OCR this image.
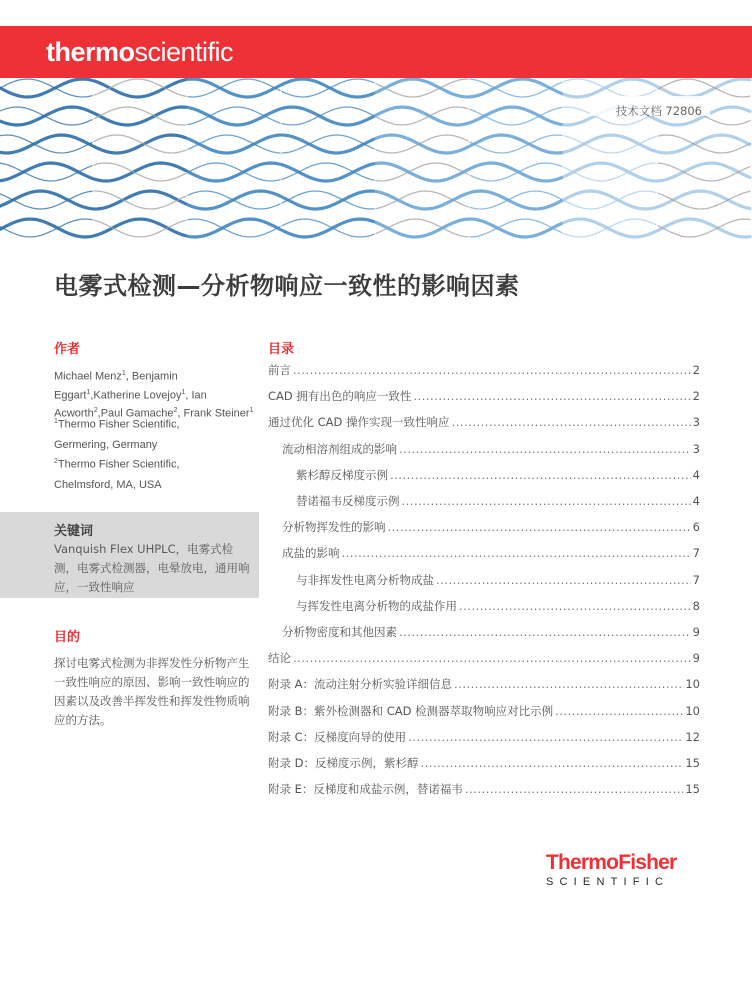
thermoscientific
技术文档 72806
电雾式检测—分析物响应一致性的影响因素
作者
Michael Menz$^1$, Benjamin Eggart$^1$,Katherine Lovejoy$^1$, Ian Acworth$^2$,Paul Gamache$^2$, Frank Steiner$^1$
$^1$Thermo Fisher Scientific,
Germering, Germany
$^2$Thermo Fisher Scientific,
Chelmsford, MA, USA
关键词
Vanquish Flex UHPLC，电雾式检测，电雾式检测器，电晕放电，通用响应，一致性响应
目的
探讨电雾式检测为非挥发性分析物产生一致性响应的原因、影响一致性响应的因素以及改善半挥发性和挥发性物质响应的方法。
目录
前言 .....	2
CAD 拥有出色的响应一致性 .....	2
通过优化 CAD 操作实现一致性响应 .....	3
流动相溶剂组成的影响 .....	3
紫杉醇反梯度示例 .....	4
替诺福韦反梯度示例 .....	4
分析物挥发性的影响 .....	6
成盐的影响 .....	7
与非挥发性电离分析物成盐 .....	7
与挥发性电离分析物的成盐作用 .....	8
分析物密度和其他因素 .....	9
结论 .....	9
附录 A：流动注射分析实验详细信息 .....	10
附录 B：紫外检测器和 CAD 检测器萃取物响应对比示例 .....	10
附录 C：反梯度向导的使用 .....	12
附录 D：反梯度示例，紫杉醇 .....	15
附录 E：反梯度和成盐示例，替诺福韦 .....	15
ThermoFisher
SCIENTIFIC
